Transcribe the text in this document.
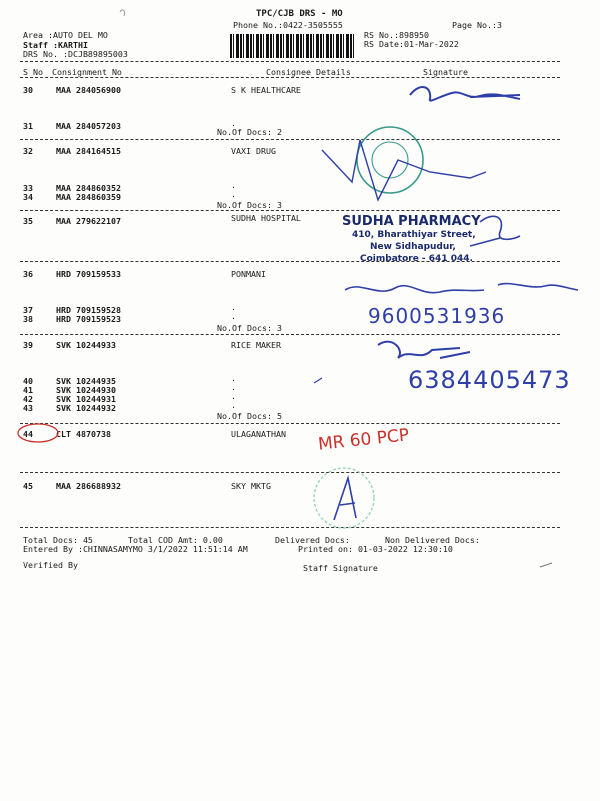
TPC/CJB DRS - MO
Phone No.:0422-3505555	Page No.:3
Area :AUTO DEL MO
Staff :KARTHI
DRS No. :DCJB89895003
RS No.:898950
RS Date:01-Mar-2022
S No Consignment No	Consignee Details	Signature
30	MAA 284056900	S K HEALTHCARE
31	MAA 284057203	.
No.Of Docs: 2
32	MAA 284164515	VAXI DRUG
33	MAA 284860352	.
34	MAA 284860359	.
No.Of Docs: 3
35	MAA 279622107	SUDHA HOSPITAL
36	HRD 709159533	PONMANI
37	HRD 709159528	.
38	HRD 709159523	.
No.Of Docs: 3
39	SVK 10244933	RICE MAKER
40	SVK 10244935	.
41	SVK 10244930	.
42	SVK 10244931	.
43	SVK 10244932	.
No.Of Docs: 5
44	CLT 4870738	ULAGANATHAN
45	MAA 286688932	SKY MKTG
Total Docs: 45	Total COD Amt: 0.00	Delivered Docs:	Non Delivered Docs:
Entered By :CHINNASAMYMO 3/1/2022 11:51:14 AM	Printed on: 01-03-2022 12:30:10
Verified By	Staff Signature
SUDHA PHARMACY
410, Bharathiyar Street,
New Sidhapudur,
Coimbatore - 641 044.
9600531936
6384405473
MR 60 PCP
